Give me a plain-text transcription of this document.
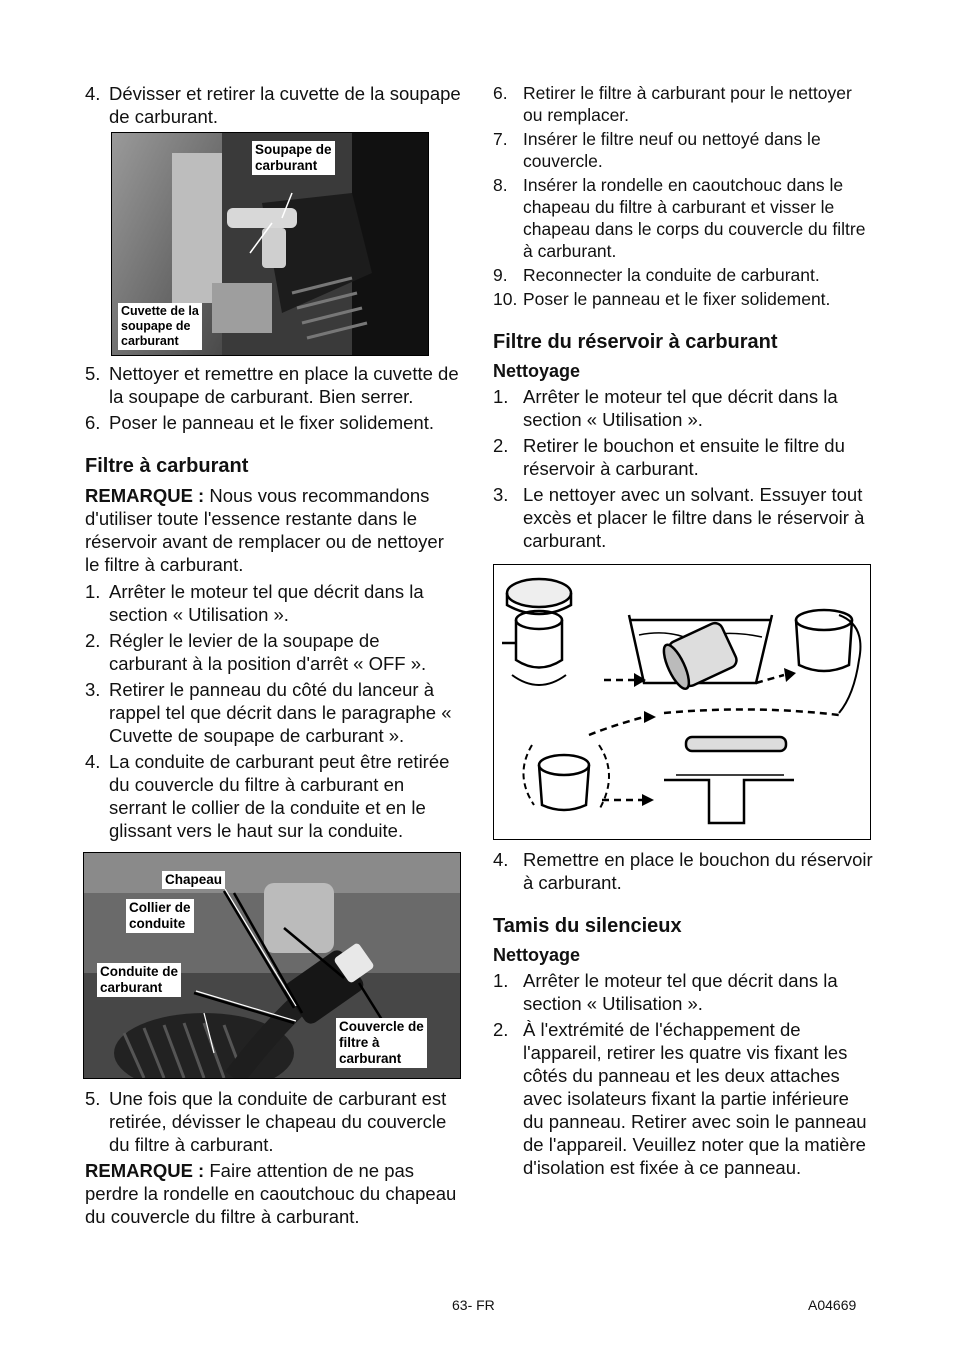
4. Dévisser et retirer la cuvette de la soupape de carburant.
Soupape de
carburant
Cuvette de la
soupape de
carburant
5. Nettoyer et remettre en place la cuvette de la soupape de carburant. Bien serrer.
6. Poser le panneau et le fixer solidement.
Filtre à carburant

REMARQUE : Nous vous recommandons d'utiliser toute l'essence restante dans le réservoir avant de remplacer ou de nettoyer le filtre à carburant.

1. Arrêter le moteur tel que décrit dans la section « Utilisation ».
2. Régler le levier de la soupape de carburant à la position d'arrêt « OFF ».
3. Retirer le panneau du côté du lanceur à rappel tel que décrit dans le paragraphe « Cuvette de soupape de carburant ».
4. La conduite de carburant peut être retirée du couvercle du filtre à carburant en serrant le collier de la conduite et en le glissant vers le haut sur la conduite.
Chapeau
Collier de
conduite
Conduite de
carburant
Couvercle de
filtre à
carburant
5. Une fois que la conduite de carburant est retirée, dévisser le chapeau du couvercle du filtre à carburant.

REMARQUE : Faire attention de ne pas perdre la rondelle en caoutchouc du chapeau du couvercle du filtre à carburant.

6. Retirer le filtre à carburant pour le nettoyer ou remplacer.
7. Insérer le filtre neuf ou nettoyé dans le couvercle.
8. Insérer la rondelle en caoutchouc dans le chapeau du filtre à carburant et visser le chapeau dans le corps du couvercle du filtre à carburant.
9. Reconnecter la conduite de carburant.
10. Poser le panneau et le fixer solidement.
Filtre du réservoir à carburant
Nettoyage
1. Arrêter le moteur tel que décrit dans la section « Utilisation ».
2. Retirer le bouchon et ensuite le filtre du réservoir à carburant.
3. Le nettoyer avec un solvant. Essuyer tout excès et placer le filtre dans le réservoir à carburant.
4. Remettre en place le bouchon du réservoir à carburant.
Tamis du silencieux
Nettoyage
1. Arrêter le moteur tel que décrit dans la section « Utilisation ».
2. À l'extrémité de l'échappement de l'appareil, retirer les quatre vis fixant les côtés du panneau et les deux attaches avec isolateurs fixant la partie inférieure du panneau. Retirer avec soin le panneau de l'appareil. Veuillez noter que la matière d'isolation est fixée à ce panneau.
63- FR	A04669
